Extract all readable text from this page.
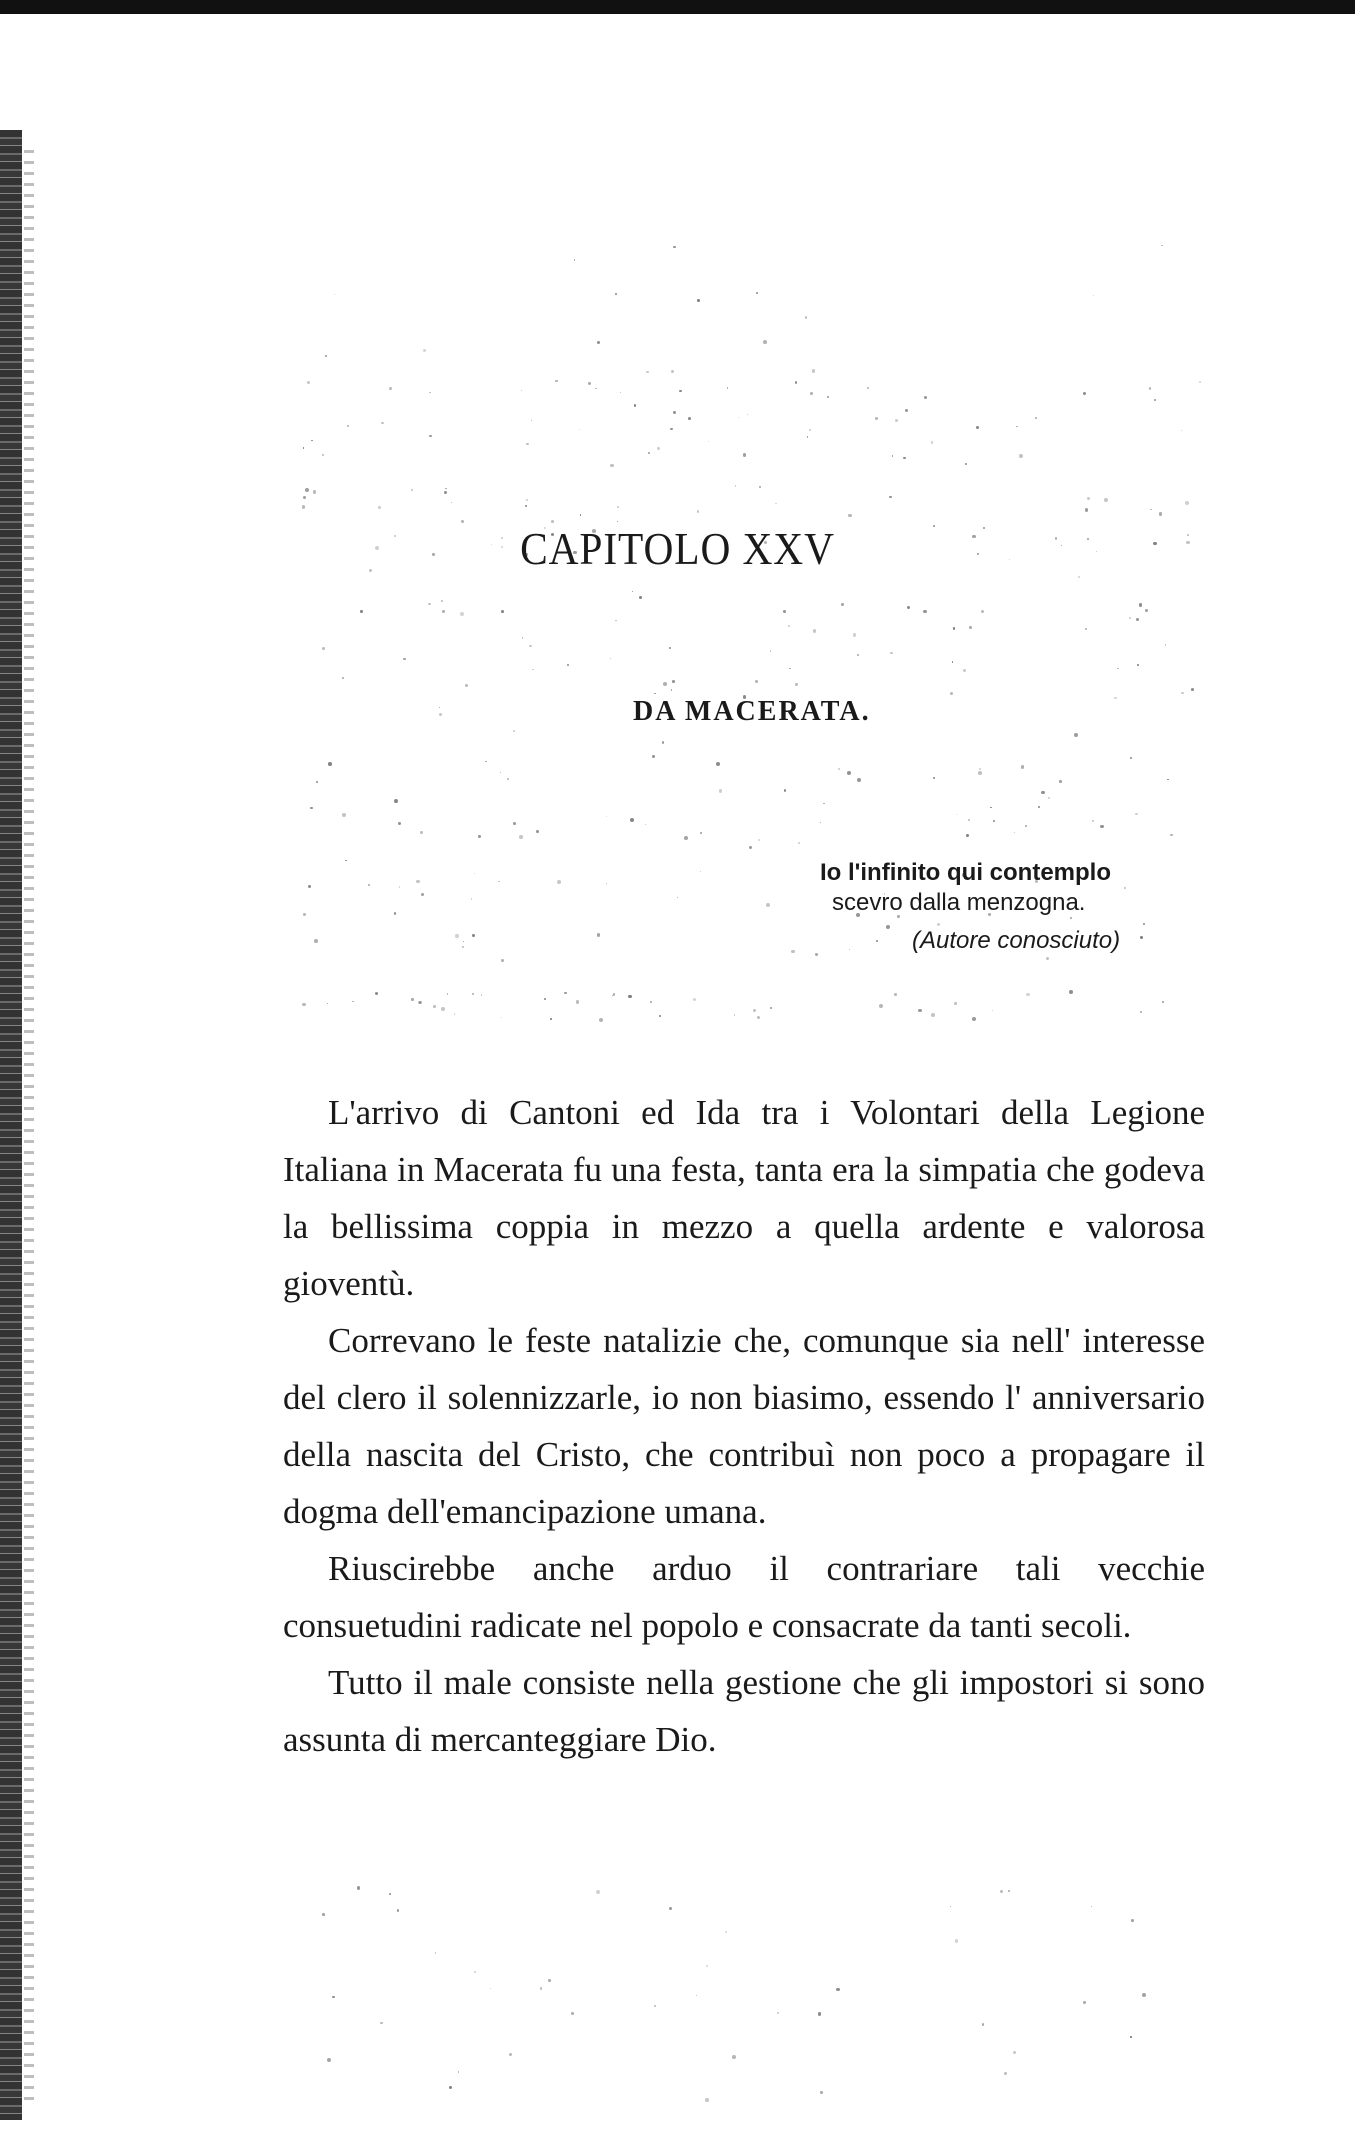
CAPITOLO XXV
DA MACERATA.
Io l'infinito qui contemplo
scevro dalla menzogna.
(Autore conosciuto)

L'arrivo di Cantoni ed Ida tra i Volontari della Legione Italiana in Macerata fu una festa, tanta era la simpatia che godeva la bellissima coppia in mezzo a quella ardente e valorosa gioventù.

Correvano le feste natalizie che, comunque sia nell' interesse del clero il solennizzarle, io non biasimo, essendo l' anniversario della nascita del Cristo, che contribuì non poco a propagare il dogma dell'emancipazione umana.

Riuscirebbe anche arduo il contrariare tali vecchie consuetudini radicate nel popolo e consacrate da tanti secoli.

Tutto il male consiste nella gestione che gli impostori si sono assunta di mercanteggiare Dio.
